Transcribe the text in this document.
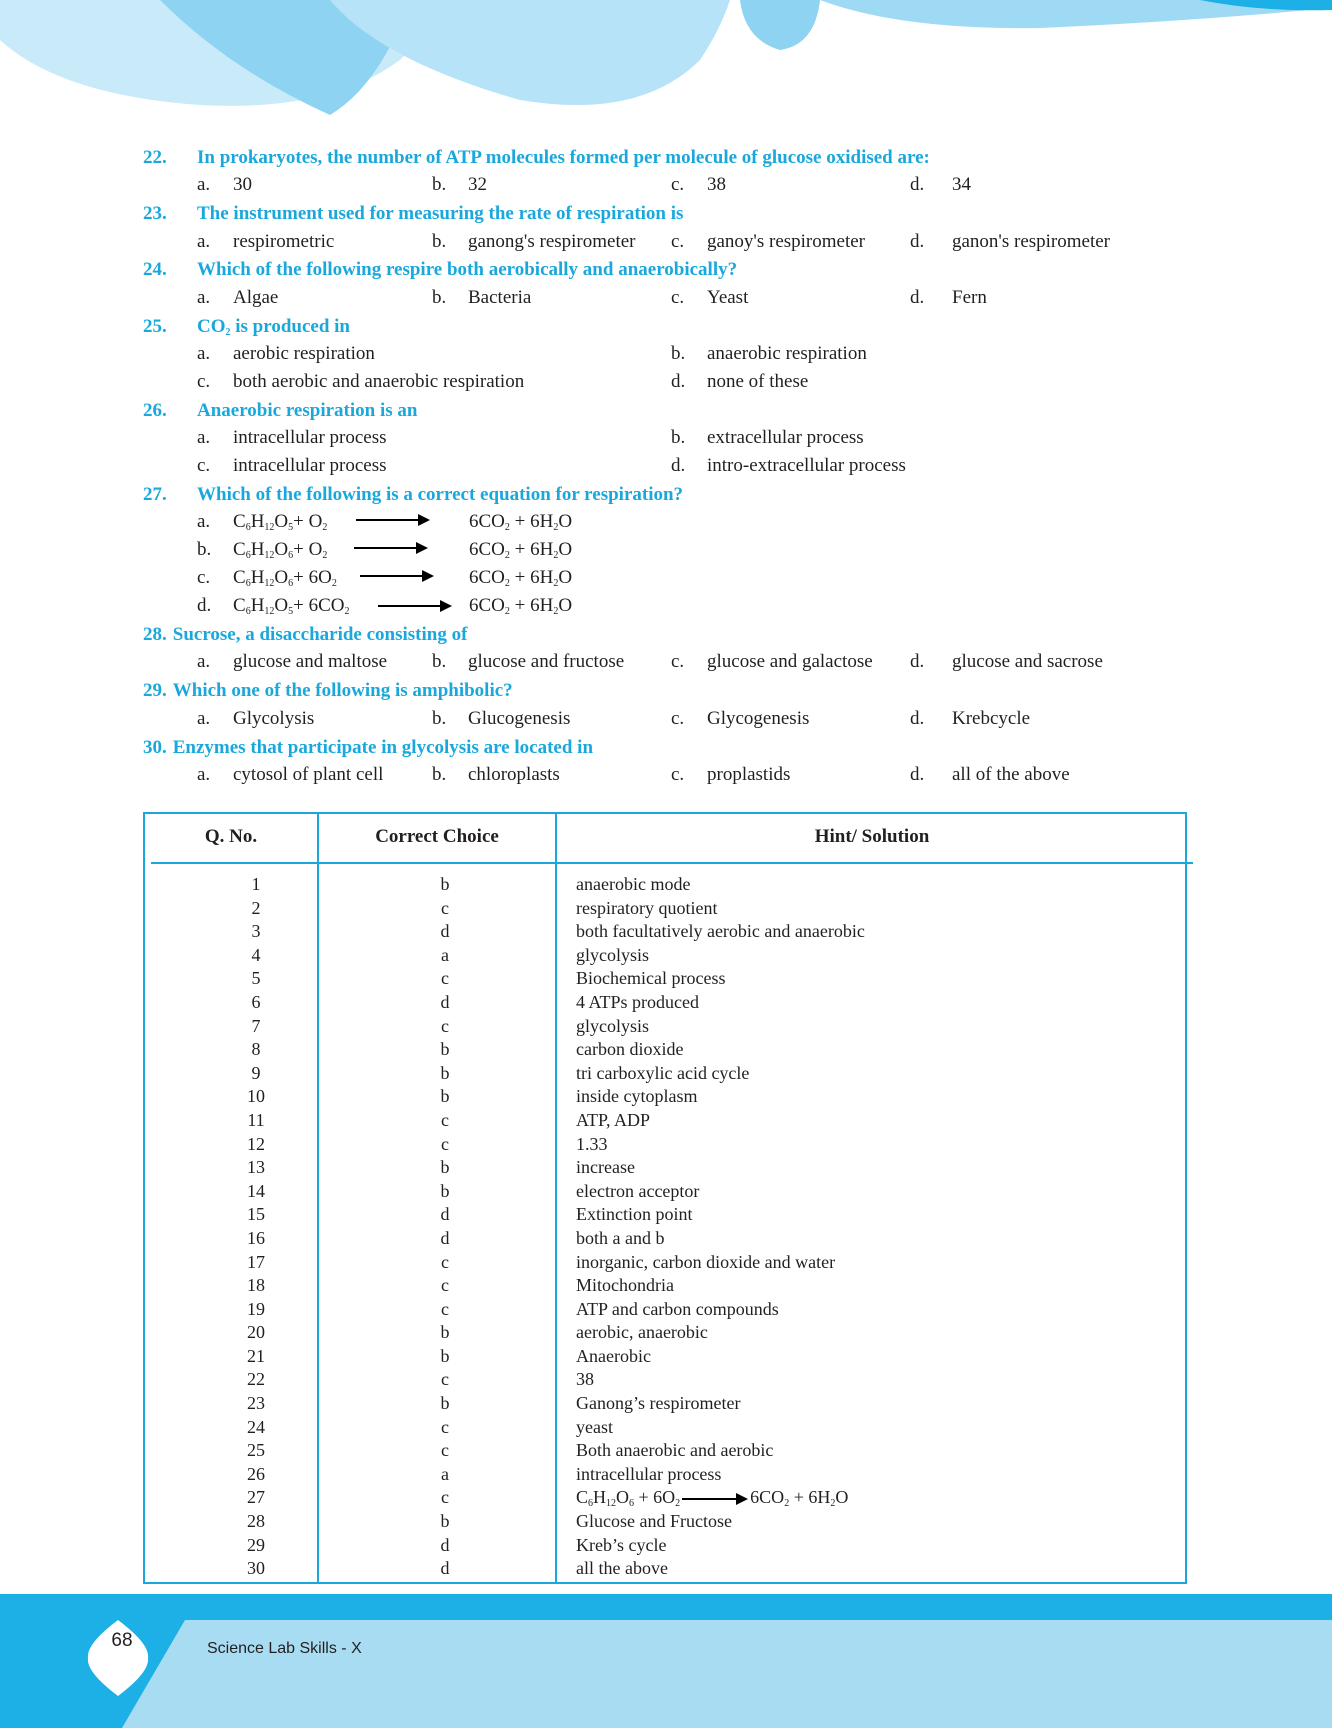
22. In prokaryotes, the number of ATP molecules formed per molecule of glucose oxidised are:
a. 30	b. 32	c. 38	d. 34
23. The instrument used for measuring the rate of respiration is
a. respirometric	b. ganong's respirometer c. ganoy's respirometer d. ganon's respirometer
24. Which of the following respire both aerobically and anaerobically?
a. Algae	b. Bacteria	c. Yeast	d. Fern
25. $CO_2$ is produced in
a. aerobic respiration	b. anaerobic respiration
c. both aerobic and anaerobic respiration	d. none of these
26. Anaerobic respiration is an
a. intracellular process	b. extracellular process
c. intracellular process	d. intro-extracellular process
27. Which of the following is a correct equation for respiration?
a. $C_6H_{12}O_5+ O_2$	$6CO_2 + 6H_2O$
b. $C_6H_{12}O_6+ O_2$	$6CO_2 + 6H_2O$
c. $C_6H_{12}O_6+ 6O_2$	$6CO_2 + 6H_2O$
d. $C_6H_{12}O_5+ 6CO_2$	$6CO_2 + 6H_2O$
28. Sucrose, a disaccharide consisting of
a. glucose and maltose b. glucose and fructose c. glucose and galactose d. glucose and sacrose
29. Which one of the following is amphibolic?
a. Glycolysis	b. Glucogenesis	c. Glycogenesis	d. Krebcycle
30. Enzymes that participate in glycolysis are located in
a. cytosol of plant cell	b. chloroplasts	c. proplastids	d. all of the above
Q. No.	Correct Choice	Hint/ Solution
1	b	anaerobic mode
2	c	respiratory quotient
3	d	both facultatively aerobic and anaerobic
4	a	glycolysis
5	c	Biochemical process
6	d	4 ATPs produced
7	c	glycolysis
8	b	carbon dioxide
9	b	tri carboxylic acid cycle
10	b	inside cytoplasm
11	c	ATP, ADP
12	c	1.33
13	b	increase
14	b	electron acceptor
15	d	Extinction point
16	d	both a and b
17	c	inorganic, carbon dioxide and water
18	c	Mitochondria
19	c	ATP and carbon compounds
20	b	aerobic, anaerobic
21	b	Anaerobic
22	c	38
23	b	Ganong’s respirometer
24	c	yeast
25	c	Both anaerobic and aerobic
26	a	intracellular process
27	c	$C_6H_{12}O_6 + 6O_2$	$6CO_2 + 6H_2O$
28	b	Glucose and Fructose
29	d	Kreb’s cycle
30	d	all the above
68	Science Lab Skills - X
